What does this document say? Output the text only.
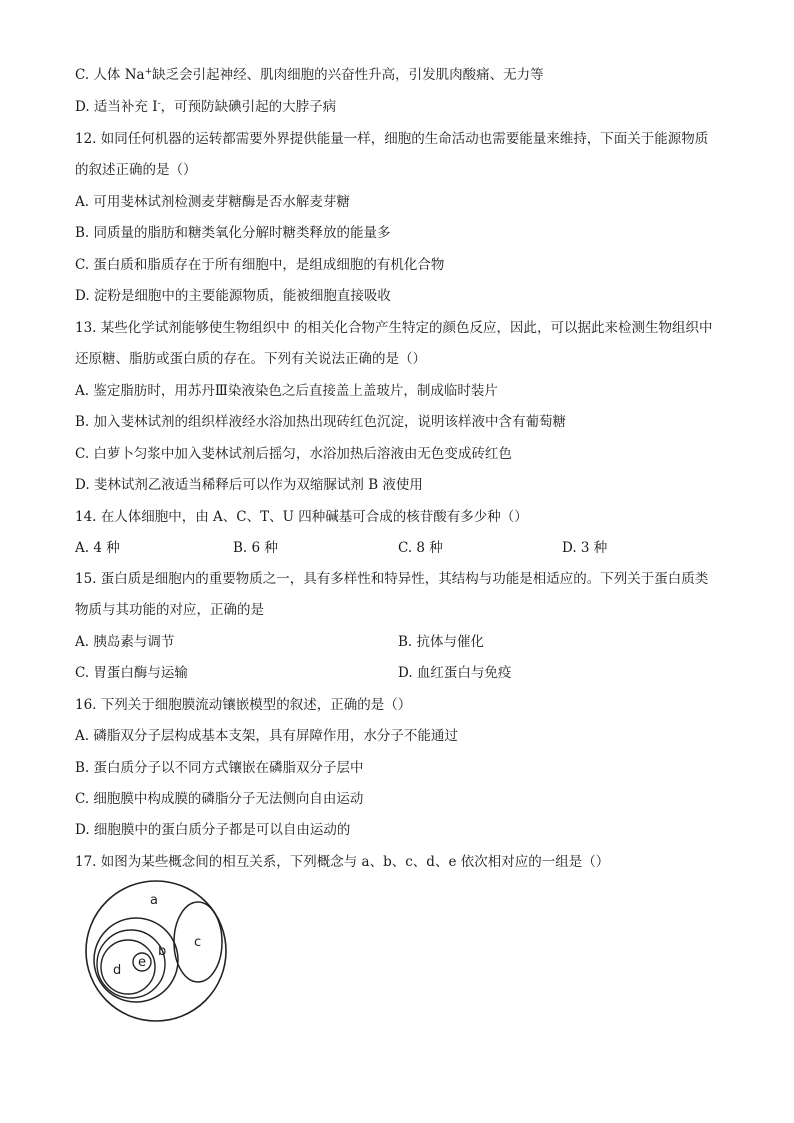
C. 人体 Na+缺乏会引起神经、肌肉细胞的兴奋性升高，引发肌肉酸痛、无力等
D. 适当补充 I-，可预防缺碘引起的大脖子病
12. 如同任何机器的运转都需要外界提供能量一样，细胞的生命活动也需要能量来维持，下面关于能源物质
的叙述正确的是（）
A. 可用斐林试剂检测麦芽糖酶是否水解麦芽糖
B. 同质量的脂肪和糖类氧化分解时糖类释放的能量多
C. 蛋白质和脂质存在于所有细胞中，是组成细胞的有机化合物
D. 淀粉是细胞中的主要能源物质，能被细胞直接吸收
13. 某些化学试剂能够使生物组织中 的相关化合物产生特定的颜色反应，因此，可以据此来检测生物组织中
还原糖、脂肪或蛋白质的存在。下列有关说法正确的是（）
A. 鉴定脂肪时，用苏丹Ⅲ染液染色之后直接盖上盖玻片，制成临时装片
B. 加入斐林试剂的组织样液经水浴加热出现砖红色沉淀，说明该样液中含有葡萄糖
C. 白萝卜匀浆中加入斐林试剂后摇匀，水浴加热后溶液由无色变成砖红色
D. 斐林试剂乙液适当稀释后可以作为双缩脲试剂 B 液使用
14. 在人体细胞中，由 A、C、T、U 四种碱基可合成的核苷酸有多少种（）
A. 4 种	B. 6 种	C. 8 种	D. 3 种
15. 蛋白质是细胞内的重要物质之一，具有多样性和特异性，其结构与功能是相适应的。下列关于蛋白质类
物质与其功能的对应，正确的是
A. 胰岛素与调节	B. 抗体与催化
C. 胃蛋白酶与运输	D. 血红蛋白与免疫
16. 下列关于细胞膜流动镶嵌模型的叙述，正确的是（）
A. 磷脂双分子层构成基本支架，具有屏障作用，水分子不能通过
B. 蛋白质分子以不同方式镶嵌在磷脂双分子层中
C. 细胞膜中构成膜的磷脂分子无法侧向自由运动
D. 细胞膜中的蛋白质分子都是可以自由运动的
17. 如图为某些概念间的相互关系，下列概念与 a、b、c、d、e 依次相对应的一组是（）
a
b
c
d
e
